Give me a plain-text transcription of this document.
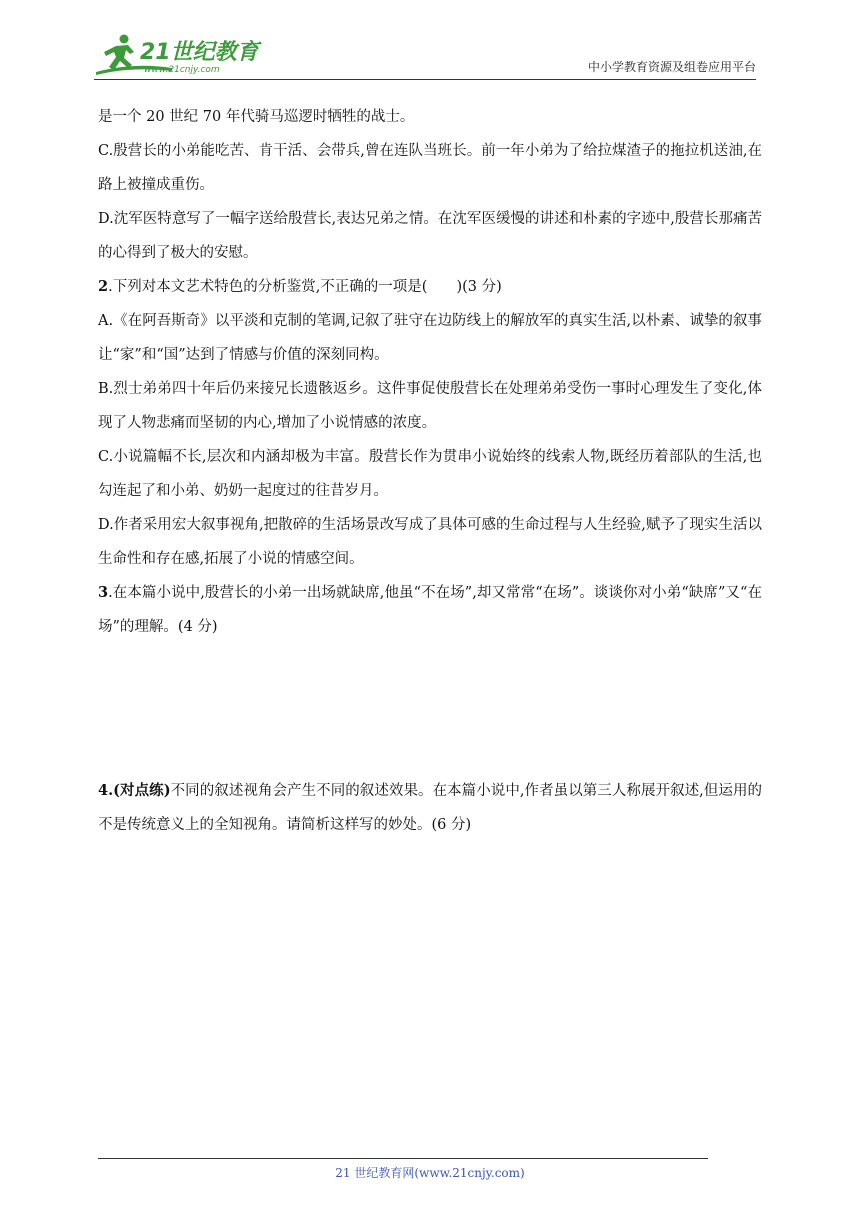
21世纪教育
www.21cnjy.com	中小学教育资源及组卷应用平台

是一个 20 世纪 70 年代骑马巡逻时牺牲的战士。

C.殷营长的小弟能吃苦、肯干活、会带兵,曾在连队当班长。前一年小弟为了给拉煤渣子的拖拉机送油,在路上被撞成重伤。

D.沈军医特意写了一幅字送给殷营长,表达兄弟之情。在沈军医缓慢的讲述和朴素的字迹中,殷营长那痛苦的心得到了极大的安慰。

2.下列对本文艺术特色的分析鉴赏,不正确的一项是(　　)(3 分)

A.《在阿吾斯奇》以平淡和克制的笔调,记叙了驻守在边防线上的解放军的真实生活,以朴素、诚挚的叙事让“家”和“国”达到了情感与价值的深刻同构。

B.烈士弟弟四十年后仍来接兄长遗骸返乡。这件事促使殷营长在处理弟弟受伤一事时心理发生了变化,体现了人物悲痛而坚韧的内心,增加了小说情感的浓度。

C.小说篇幅不长,层次和内涵却极为丰富。殷营长作为贯串小说始终的线索人物,既经历着部队的生活,也勾连起了和小弟、奶奶一起度过的往昔岁月。

D.作者采用宏大叙事视角,把散碎的生活场景改写成了具体可感的生命过程与人生经验,赋予了现实生活以生命性和存在感,拓展了小说的情感空间。

3.在本篇小说中,殷营长的小弟一出场就缺席,他虽“不在场”,却又常常“在场”。谈谈你对小弟“缺席”又“在场”的理解。(4 分)

4.(对点练)不同的叙述视角会产生不同的叙述效果。在本篇小说中,作者虽以第三人称展开叙述,但运用的不是传统意义上的全知视角。请简析这样写的妙处。(6 分)

21 世纪教育网(www.21cnjy.com)
